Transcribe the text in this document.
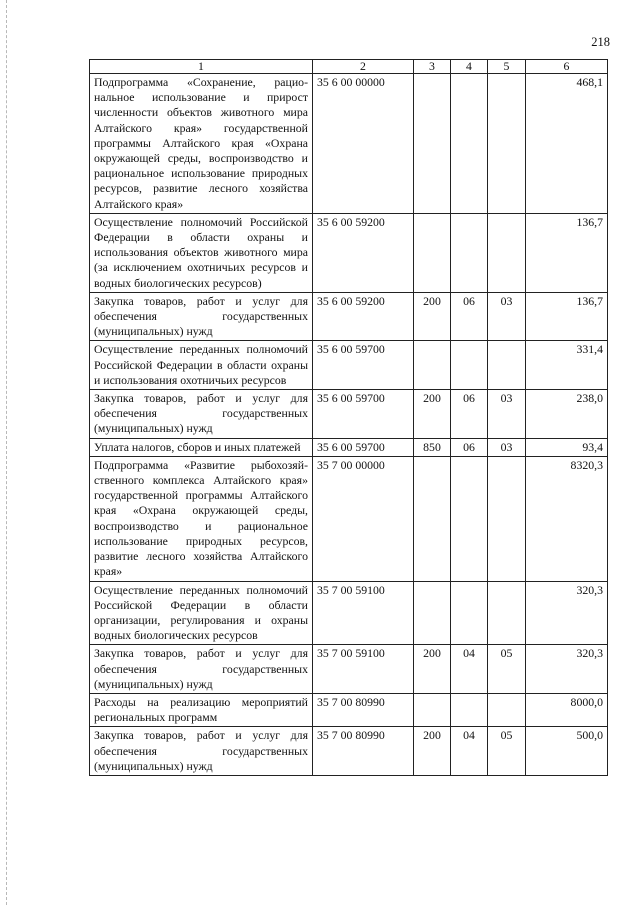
218
1	2	3	4	5	6
Подпрограмма «Сохранение, рациональное использование и прирост численности объектов животного мира Алтайского края» государственной программы Алтайского края «Охрана окружающей среды, воспроизводство и рациональное использование природных ресурсов, развитие лесного хозяйства Алтайского края»	35 6 00 00000				468,1
Осуществление полномочий Российской Федерации в области охраны и использования объектов животного мира (за исключением охотничьих ресурсов и водных биологических ресурсов)	35 6 00 59200				136,7
Закупка товаров, работ и услуг для обеспечения государственных (муниципальных) нужд	35 6 00 59200	200	06	03	136,7
Осуществление переданных полномочий Российской Федерации в области охраны и использования охотничьих ресурсов	35 6 00 59700				331,4
Закупка товаров, работ и услуг для обеспечения государственных (муниципальных) нужд	35 6 00 59700	200	06	03	238,0
Уплата налогов, сборов и иных платежей	35 6 00 59700	850	06	03	93,4
Подпрограмма «Развитие рыбохозяйственного комплекса Алтайского края» государственной программы Алтайского края «Охрана окружающей среды, воспроизводство и рациональное использование природных ресурсов, развитие лесного хозяйства Алтайского края»	35 7 00 00000				8320,3
Осуществление переданных полномочий Российской Федерации в области организации, регулирования и охраны водных биологических ресурсов	35 7 00 59100				320,3
Закупка товаров, работ и услуг для обеспечения государственных (муниципальных) нужд	35 7 00 59100	200	04	05	320,3
Расходы на реализацию мероприятий региональных программ	35 7 00 80990				8000,0
Закупка товаров, работ и услуг для обеспечения государственных (муниципальных) нужд	35 7 00 80990	200	04	05	500,0
